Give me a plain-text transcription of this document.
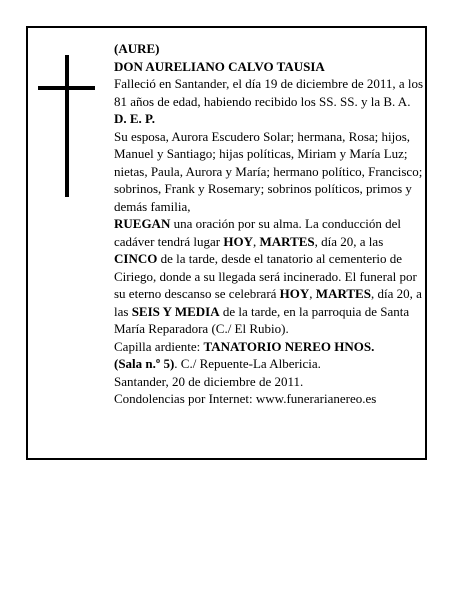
(AURE)

DON AURELIANO CALVO TAUSIA

Falleció en Santander, el día 19 de diciembre de 2011, a los 81 años de edad, habiendo recibido los SS. SS. y la B. A.

D. E. P.

Su esposa, Aurora Escudero Solar; hermana, Rosa; hijos, Manuel y Santiago; hijas políticas, Miriam y María Luz; nietas, Paula, Aurora y María; hermano político, Francisco; sobrinos, Frank y Rosemary; sobrinos políticos, primos y demás familia,

RUEGAN una oración por su alma. La conducción del cadáver tendrá lugar HOY, MARTES, día 20, a las CINCO de la tarde, desde el tanatorio al cementerio de Ciriego, donde a su llegada será incinerado. El funeral por su eterno descanso se celebrará HOY, MARTES, día 20, a las SEIS Y MEDIA de la tarde, en la parroquia de Santa María Reparadora (C./ El Rubio).

Capilla ardiente: TANATORIO NEREO HNOS.
(Sala n.º 5). C./ Repuente-La Albericia.

Santander, 20 de diciembre de 2011.

Condolencias por Internet: www.funerarianereo.es
